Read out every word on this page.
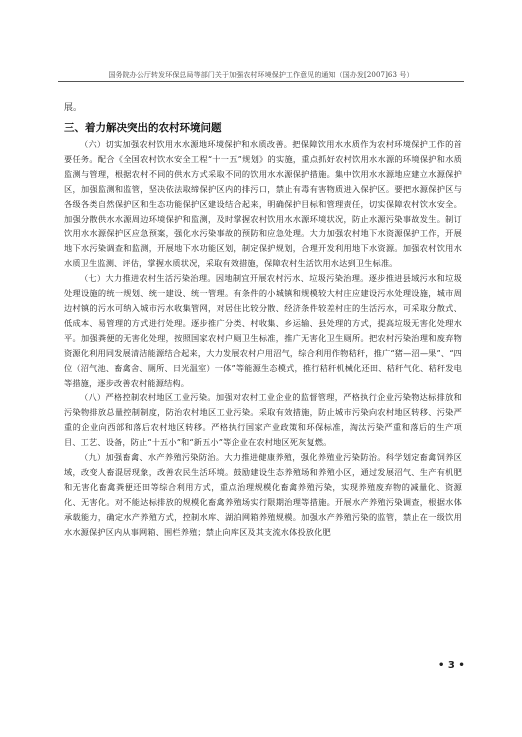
国务院办公厅转发环保总局等部门关于加强农村环境保护工作意见的通知（国办发[2007]63 号）

展。

三、着力解决突出的农村环境问题

（六）切实加强农村饮用水水源地环境保护和水质改善。把保障饮用水水质作为农村环境保护工作的首要任务。配合《全国农村饮水安全工程“十一五”规划》的实施，重点抓好农村饮用水水源的环境保护和水质监测与管理，根据农村不同的供水方式采取不同的饮用水水源保护措施。集中饮用水水源地应建立水源保护区，加强监测和监管，坚决依法取缔保护区内的排污口，禁止有毒有害物质进入保护区。要把水源保护区与各级各类自然保护区和生态功能保护区建设结合起来，明确保护目标和管理责任，切实保障农村饮水安全。加强分散供水水源周边环境保护和监测，及时掌握农村饮用水水源环境状况，防止水源污染事故发生。制订饮用水水源保护区应急预案，强化水污染事故的预防和应急处理。大力加强农村地下水资源保护工作，开展地下水污染调查和监测，开展地下水功能区划，制定保护规划，合理开发利用地下水资源。加强农村饮用水水质卫生监测、评估，掌握水质状况，采取有效措施，保障农村生活饮用水达到卫生标准。

（七）大力推进农村生活污染治理。因地制宜开展农村污水、垃圾污染治理。逐步推进县域污水和垃圾处理设施的统一规划、统一建设、统一管理。有条件的小城镇和规模较大村庄应建设污水处理设施，城市周边村镇的污水可纳入城市污水收集管网，对居住比较分散、经济条件较差村庄的生活污水，可采取分散式、低成本、易管理的方式进行处理。逐步推广分类、村收集、乡运输、县处理的方式，提高垃圾无害化处理水平。加强粪便的无害化处理，按照国家农村户厕卫生标准，推广无害化卫生厕所。把农村污染治理和废弃物资源化利用同发展清洁能源结合起来，大力发展农村户用沼气，综合利用作物秸秆，推广“猪—沼—果”、“四位（沼气池、畜禽舍、厕所、日光温室）一体”等能源生态模式，推行秸秆机械化还田、秸秆气化、秸秆发电等措施，逐步改善农村能源结构。

（八）严格控制农村地区工业污染。加强对农村工业企业的监督管理，严格执行企业污染物达标排放和污染物排放总量控制制度，防治农村地区工业污染。采取有效措施，防止城市污染向农村地区转移、污染严重的企业向西部和落后农村地区转移。严格执行国家产业政策和环保标准，淘汰污染严重和落后的生产项目、工艺、设备，防止“十五小”和“新五小”等企业在农村地区死灰复燃。

（九）加强畜禽、水产养殖污染防治。大力推进健康养殖，强化养殖业污染防治。科学划定畜禽饲养区域，改变人畜混居现象，改善农民生活环境。鼓励建设生态养殖场和养殖小区，通过发展沼气、生产有机肥和无害化畜禽粪便还田等综合利用方式，重点治理规模化畜禽养殖污染，实现养殖废弃物的减量化、资源化、无害化。对不能达标排放的规模化畜禽养殖场实行限期治理等措施。开展水产养殖污染调查，根据水体承载能力，确定水产养殖方式，控制水库、湖泊网箱养殖规模。加强水产养殖污染的监管，禁止在一级饮用水水源保护区内从事网箱、围栏养殖；禁止向库区及其支流水体投放化肥

• 3 •
